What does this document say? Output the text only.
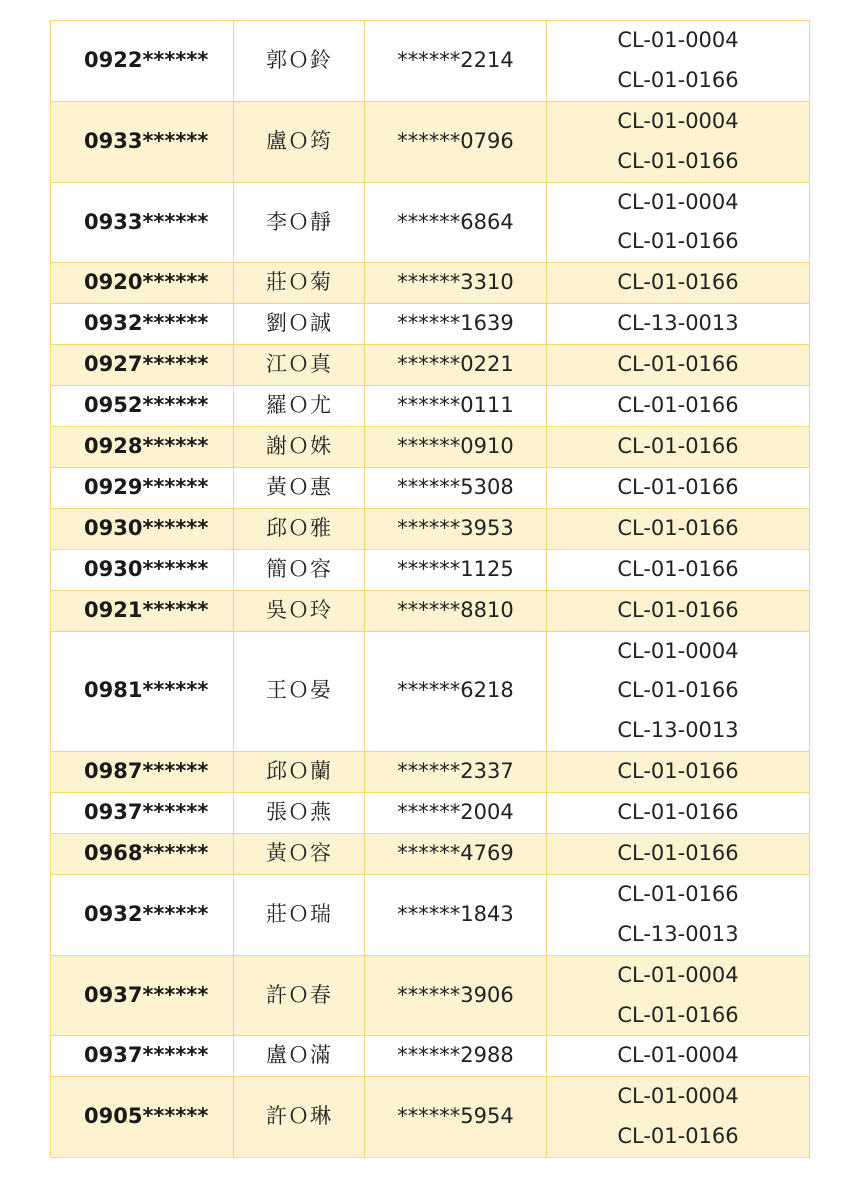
0922******	郭Ｏ鈴	******2214	CL-01-0004
CL-01-0166

0933******	盧Ｏ筠	******0796	CL-01-0004
CL-01-0166

0933******	李Ｏ靜	******6864	CL-01-0004
CL-01-0166

0920******	莊Ｏ菊	******3310	CL-01-0166

0932******	劉Ｏ誠	******1639	CL-13-0013

0927******	江Ｏ真	******0221	CL-01-0166

0952******	羅Ｏ尤	******0111	CL-01-0166

0928******	謝Ｏ姝	******0910	CL-01-0166

0929******	黃Ｏ惠	******5308	CL-01-0166

0930******	邱Ｏ雅	******3953	CL-01-0166

0930******	簡Ｏ容	******1125	CL-01-0166

0921******	吳Ｏ玲	******8810	CL-01-0166

0981******	王Ｏ晏	******6218	CL-01-0004
CL-01-0166
CL-13-0013

0987******	邱Ｏ蘭	******2337	CL-01-0166

0937******	張Ｏ燕	******2004	CL-01-0166

0968******	黃Ｏ容	******4769	CL-01-0166

0932******	莊Ｏ瑞	******1843	CL-01-0166
CL-13-0013

0937******	許Ｏ春	******3906	CL-01-0004
CL-01-0166

0937******	盧Ｏ滿	******2988	CL-01-0004

0905******	許Ｏ琳	******5954	CL-01-0004
CL-01-0166
